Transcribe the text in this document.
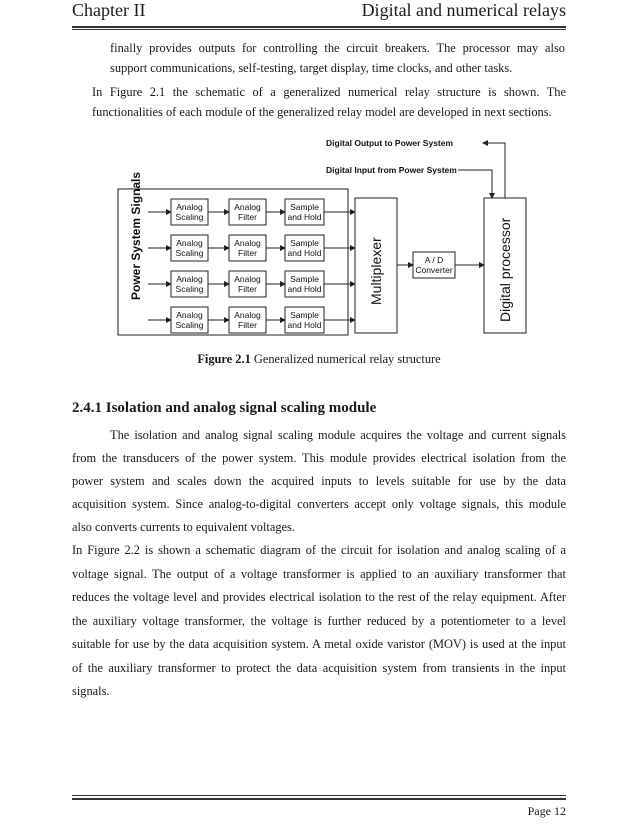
Chapter II	Digital and numerical relays
finally provides outputs for controlling the circuit breakers. The processor may also
support communications, self-testing, target display, time clocks, and other tasks.
In Figure 2.1 the schematic of a generalized numerical relay structure is shown. The
functionalities of each module of the generalized relay model are developed in next sections.
Power System Signals	Analog
Scaling
Analog
Scaling
Analog
Scaling
Analog
Scaling
Analog
Filter
Analog
Filter
Analog
Filter
Analog
Filter
Sample
and Hold
Sample
and Hold
Sample
and Hold
Sample
and Hold
Multiplexer	A / D
Converter	Digital processor
Digital Output to Power System
Digital Input from Power System
Figure 2.1 Generalized numerical relay structure
2.4.1 Isolation and analog signal scaling module
The isolation and analog signal scaling module acquires the voltage and current signals
from the transducers of the power system. This module provides electrical isolation from the
power system and scales down the acquired inputs to levels suitable for use by the data
acquisition system. Since analog-to-digital converters accept only voltage signals, this module
also converts currents to equivalent voltages.
In Figure 2.2 is shown a schematic diagram of the circuit for isolation and analog scaling of a
voltage signal. The output of a voltage transformer is applied to an auxiliary transformer that
reduces the voltage level and provides electrical isolation to the rest of the relay equipment. After
the auxiliary voltage transformer, the voltage is further reduced by a potentiometer to a level
suitable for use by the data acquisition system. A metal oxide varistor (MOV) is used at the input
of the auxiliary transformer to protect the data acquisition system from transients in the input
signals.
Page 12
